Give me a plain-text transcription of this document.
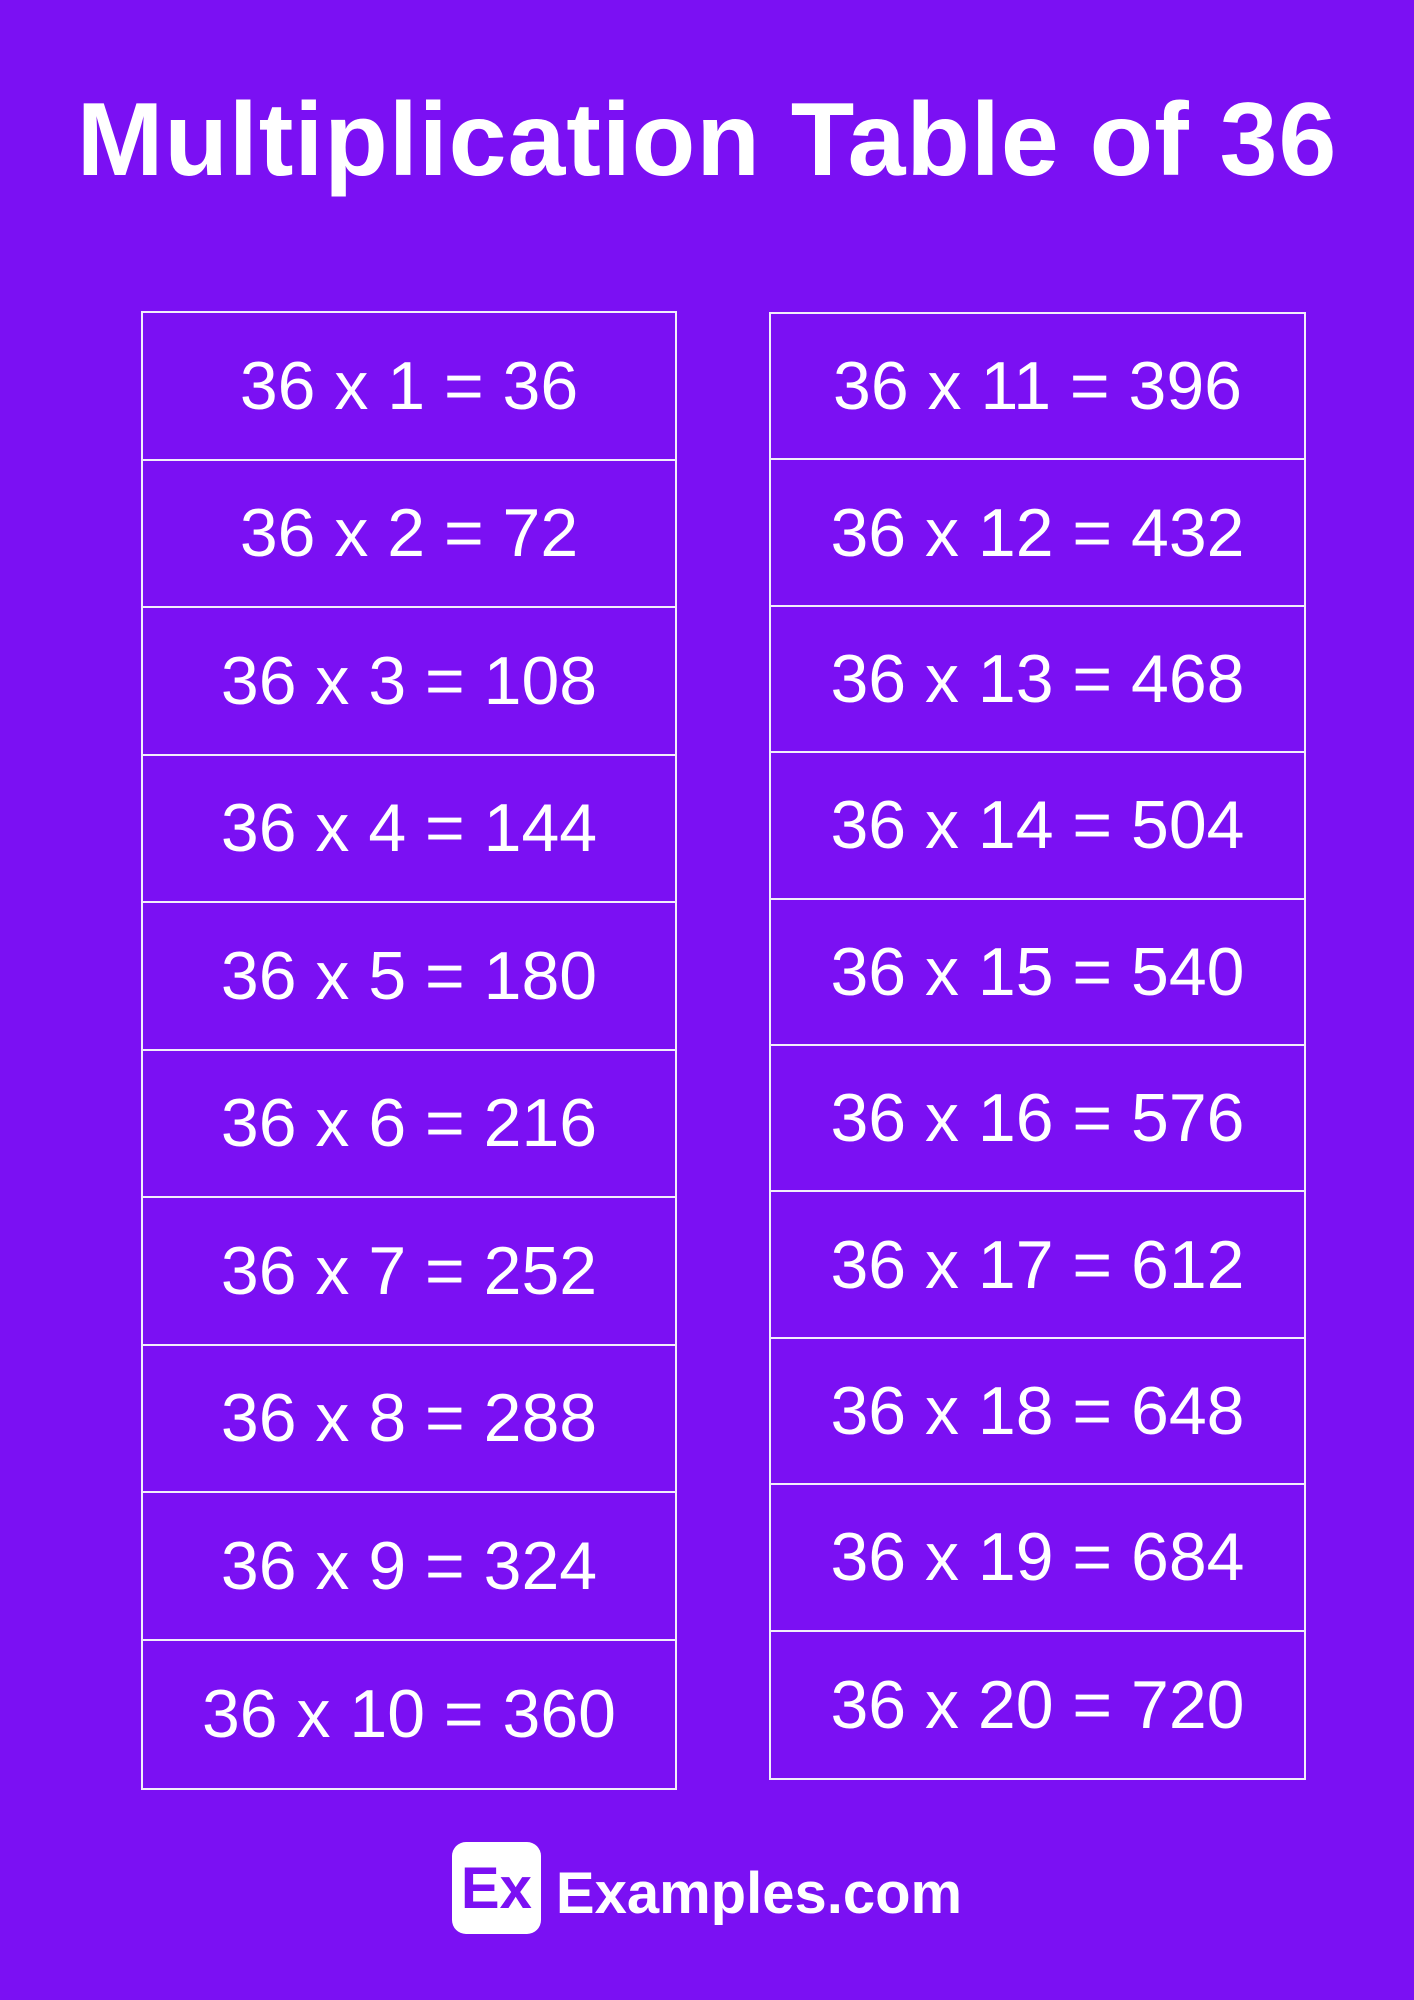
Multiplication Table of 36
36 x 1 = 36
36 x 2 = 72
36 x 3 = 108
36 x 4 = 144
36 x 5 = 180
36 x 6 = 216
36 x 7 = 252
36 x 8 = 288
36 x 9 = 324
36 x 10 = 360
36 x 11 = 396
36 x 12 = 432
36 x 13 = 468
36 x 14 = 504
36 x 15 = 540
36 x 16 = 576
36 x 17 = 612
36 x 18 = 648
36 x 19 = 684
36 x 20 = 720
Ex Examples.com
